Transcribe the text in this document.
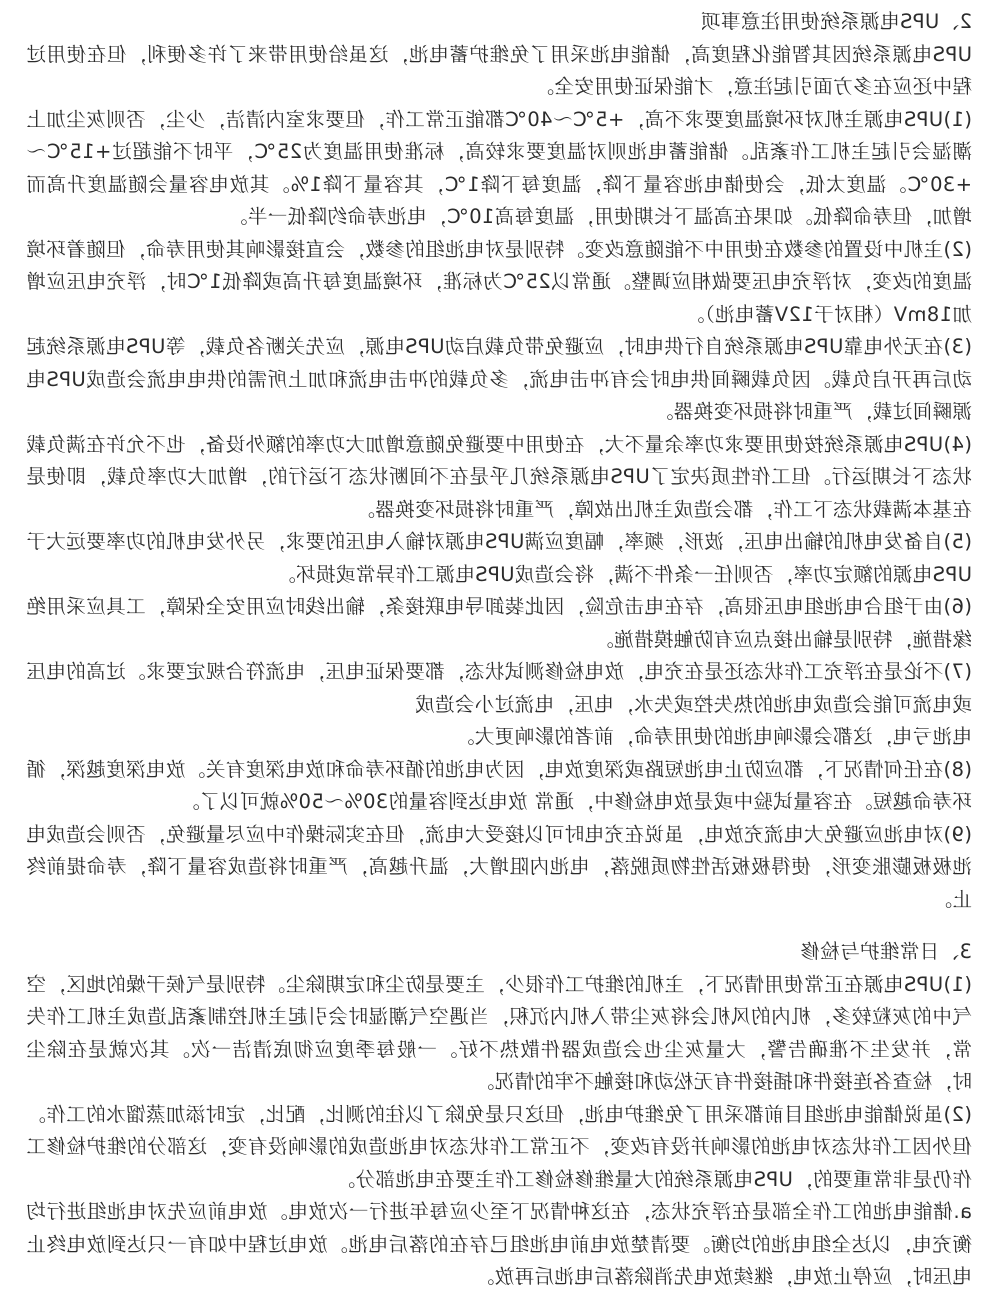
2、UPS电源系统使用注意事项

UPS电源系统因其智能化程度高，储能电池采用了免维护蓄电池，这虽给使用带来了许多便利，但在使用过程中还应在多方面引起注意，才能保证使用安全。

(1)UPS电源主机对环境温度要求不高，+5℃～40℃都能正常工作，但要求室内清洁，少尘，否则灰尘加上潮湿会引起主机工作紊乱。储能蓄电池则对温度要求较高，标准使用温度为25℃，平时不能超过+15℃～+30℃。温度太低，会使储电池容量下降，温度每下降1℃，其容量下降1%。其放电容量会随温度升高而增加，但寿命降低。如果在高温下长期使用，温度每高10℃，电池寿命约降低一半。

(2)主机中设置的参数在使用中不能随意改变。特别是对电池组的参数，会直接影响其使用寿命，但随着环境温度的改变，对浮充电压要做相应调整。通常以25℃为标准，环境温度每升高或降低1℃时，浮充电压应增加18mV（相对于12V蓄电池）。

(3)在无外电靠UPS电源系统自行供电时，应避免带负载启动UPS电源，应先关断各负载，等UPS电源系统起动后再开启负载。因负载瞬间供电时会有冲击电流，多负载的冲击电流和加上所需的供电电流会造成UPS电源瞬间过载，严重时将损坏变换器。

(4)UPS电源系统按使用要求功率余量不大，在使用中要避免随意增加大功率的额外设备，也不允许在满负载状态下长期运行。但工作性质决定了UPS电源系统几乎是在不间断状态下运行的，增加大功率负载，即使是在基本满载状态下工作，都会造成主机出故障，严重时将损坏变换器。

(5)自备发电机的输出电压，波形，频率，幅度应满UPS电源对输入电压的要求，另外发电机的功率要远大于UPS电源的额定功率，否则任一条件不满，将会造成UPS电源工作异常或损坏。

(6)由于组合电池组电压很高，存在电击危险，因此装卸导电联接条，输出线时应用安全保障，工具应采用绝缘措施，特别是输出接点应有防触摸措施。

(7)不论是在浮充工作状态还是在充电，放电检修测试状态，都要保证电压，电流符合规定要求。过高的电压或电流可能会造成电池的热失控或失水，电压，电流过小会造成

电池亏电，这都会影响电池的使用寿命，前者的影响更大。

(8)在任何情况下，都应防止电池短路或深度放电，因为电池的循环寿命和放电深度有关。放电深度越深，循环寿命越短。在容量试验中或是放电检修中，通常 放电达到容量的30%～50%就可以了。

(9)对电池应避免大电流充放电，虽说在充电时可以接受大电流，但在实际操作中应尽量避免，否则会造成电池极板膨胀变形，使得极板活性物质脱落，电池内阻增大，温升越高，严重时将造成容量下降，寿命提前终止。

3、日常维护与检修

(1)UPS电源在正常使用情况下，主机的维护工作很少，主要是防尘和定期除尘。特别是气候干燥的地区，空气中的灰粒较多，机内的风机会将灰尘带入机内沉积，当遇空气潮湿时会引起主机控制紊乱造成主机工作失常，并发生不准确告警，大量灰尘也会造成器件散热不好。一般每季度应彻底清洁一次。其次就是在除尘时，检查各连接件和插接件有无松动和接触不牢的情况。

(2)虽说储能电池组目前都采用了免维护电池，但这只是免除了以往的测比，配比，定时添加蒸馏水的工作。但外因工作状态对电池的影响并没有改变，不正常工作状态对电池造成的影响没有变，这部分的维护检修工作仍是非常重要的，UPS电源系统的大量维修检修工作主要在电池部分。

a.储能电池的工作全部是在浮充状态，在这种情况下至少应每年进行一次放电。放电前应先对电池组进行均衡充电，以达全组电池的均衡。要清楚放电前电池组已存在的落后电池。放电过程中如有一只达到放电终止电压时，应停止放电，继续放电先消除落后电池后再放。
